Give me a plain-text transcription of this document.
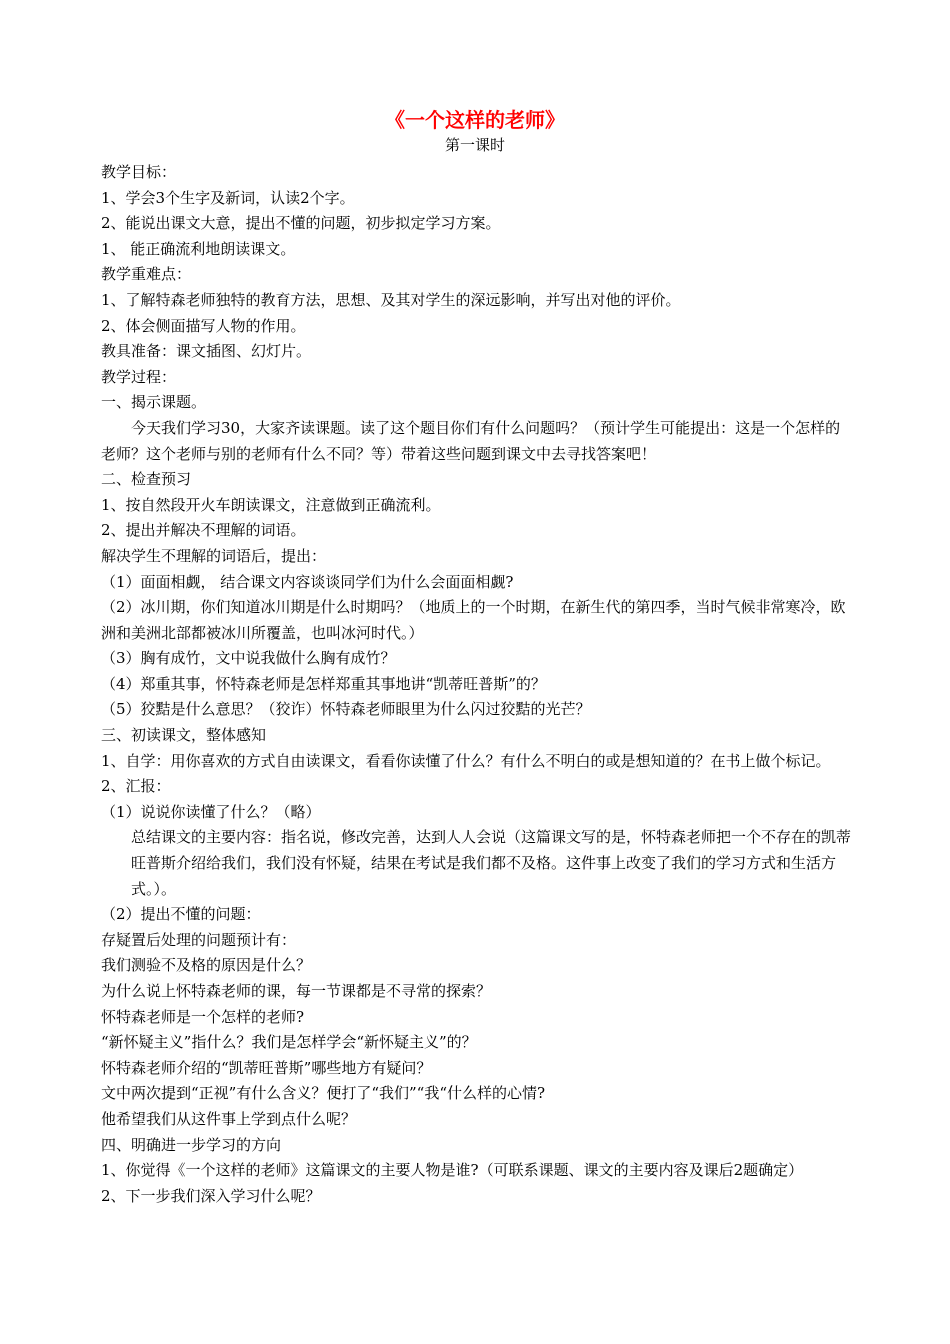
《一个这样的老师》
第一课时
教学目标：
1、学会3个生字及新词，认读2个字。
2、能说出课文大意，提出不懂的问题，初步拟定学习方案。
1、 能正确流利地朗读课文。
教学重难点：
1、了解特森老师独特的教育方法，思想、及其对学生的深远影响，并写出对他的评价。
2、体会侧面描写人物的作用。
教具准备：课文插图、幻灯片。
教学过程：
一、揭示课题。
今天我们学习30，大家齐读课题。读了这个题目你们有什么问题吗？（预计学生可能提出：这是一个怎样的老师？这个老师与别的老师有什么不同？等）带着这些问题到课文中去寻找答案吧！
二、检查预习
1、按自然段开火车朗读课文，注意做到正确流利。
2、提出并解决不理解的词语。
解决学生不理解的词语后，提出：
（1）面面相觑， 结合课文内容谈谈同学们为什么会面面相觑?
（2）冰川期，你们知道冰川期是什么时期吗？（地质上的一个时期，在新生代的第四季，当时气候非常寒冷，欧洲和美洲北部都被冰川所覆盖，也叫冰河时代。）
（3）胸有成竹，文中说我做什么胸有成竹？
（4）郑重其事，怀特森老师是怎样郑重其事地讲“凯蒂旺普斯”的？
（5）狡黠是什么意思？（狡诈）怀特森老师眼里为什么闪过狡黠的光芒？
三、初读课文，整体感知
1、自学：用你喜欢的方式自由读课文，看看你读懂了什么？有什么不明白的或是想知道的？在书上做个标记。
2、汇报：
（1）说说你读懂了什么？（略）
总结课文的主要内容：指名说，修改完善，达到人人会说（这篇课文写的是，怀特森老师把一个不存在的凯蒂旺普斯介绍给我们，我们没有怀疑，结果在考试是我们都不及格。这件事上改变了我们的学习方式和生活方式。）。
（2）提出不懂的问题：
存疑置后处理的问题预计有：
我们测验不及格的原因是什么？
为什么说上怀特森老师的课，每一节课都是不寻常的探索？
怀特森老师是一个怎样的老师?
“新怀疑主义”指什么？我们是怎样学会“新怀疑主义”的？
怀特森老师介绍的“凯蒂旺普斯”哪些地方有疑问？
文中两次提到“正视”有什么含义？便打了“我们”“我“什么样的心情?
他希望我们从这件事上学到点什么呢？
四、明确进一步学习的方向
1、你觉得《一个这样的老师》这篇课文的主要人物是谁?（可联系课题、课文的主要内容及课后2题确定）
2、下一步我们深入学习什么呢？
